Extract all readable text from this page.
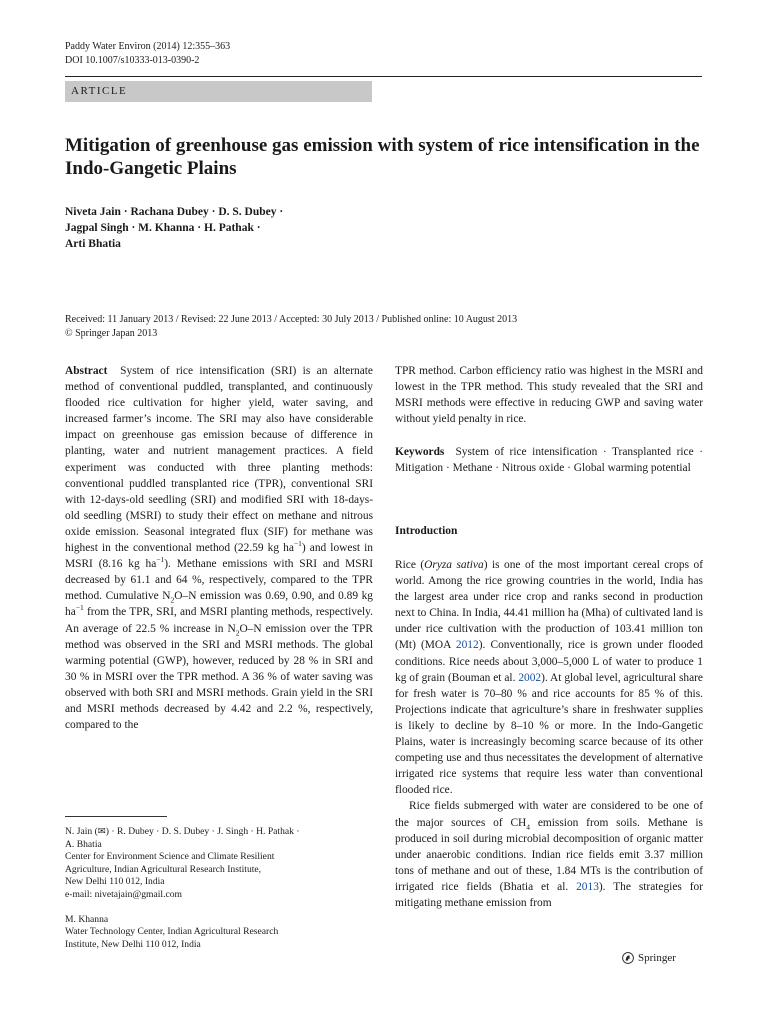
Paddy Water Environ (2014) 12:355–363
DOI 10.1007/s10333-013-0390-2
ARTICLE
Mitigation of greenhouse gas emission with system of rice intensification in the Indo-Gangetic Plains
Niveta Jain · Rachana Dubey · D. S. Dubey ·
Jagpal Singh · M. Khanna · H. Pathak ·
Arti Bhatia
Received: 11 January 2013 / Revised: 22 June 2013 / Accepted: 30 July 2013 / Published online: 10 August 2013
© Springer Japan 2013
Abstract System of rice intensification (SRI) is an alternate method of conventional puddled, transplanted, and continuously flooded rice cultivation for higher yield, water saving, and increased farmer’s income. The SRI may also have considerable impact on greenhouse gas emission because of difference in planting, water and nutrient management practices. A field experiment was conducted with three planting methods: conventional puddled transplanted rice (TPR), conventional SRI with 12-days-old seedling (SRI) and modified SRI with 18-days-old seedling (MSRI) to study their effect on methane and nitrous oxide emission. Seasonal integrated flux (SIF) for methane was highest in the conventional method (22.59 kg $ha^{-1}$) and lowest in MSRI (8.16 kg $ha^{-1}$). Methane emissions with SRI and MSRI decreased by 61.1 and 64 %, respectively, compared to the TPR method. Cumulative $N_2O-N$ emission was 0.69, 0.90, and 0.89 kg $ha^{-1}$ from the TPR, SRI, and MSRI planting methods, respectively. An average of 22.5 % increase in $N_2O-N$ emission over the TPR method was observed in the SRI and MSRI methods. The global warming potential (GWP), however, reduced by 28 % in SRI and 30 % in MSRI over the TPR method. A 36 % of water saving was observed with both SRI and MSRI methods. Grain yield in the SRI and MSRI methods decreased by 4.42 and 2.2 %, respectively, compared to the
N. Jain (✉) · R. Dubey · D. S. Dubey · J. Singh · H. Pathak ·
A. Bhatia
Center for Environment Science and Climate Resilient
Agriculture, Indian Agricultural Research Institute,
New Delhi 110 012, India
e-mail: nivetajain@gmail.com
M. Khanna
Water Technology Center, Indian Agricultural Research
Institute, New Delhi 110 012, India
TPR method. Carbon efficiency ratio was highest in the MSRI and lowest in the TPR method. This study revealed that the SRI and MSRI methods were effective in reducing GWP and saving water without yield penalty in rice.
Keywords System of rice intensification · Transplanted rice · Mitigation · Methane · Nitrous oxide · Global warming potential
Introduction
Rice (Oryza sativa) is one of the most important cereal crops of world. Among the rice growing countries in the world, India has the largest area under rice crop and ranks second in production next to China. In India, 44.41 million ha (Mha) of cultivated land is under rice cultivation with the production of 103.41 million ton (Mt) (MOA 2012). Conventionally, rice is grown under flooded conditions. Rice needs about 3,000–5,000 L of water to produce 1 kg of grain (Bouman et al. 2002). At global level, agricultural share for fresh water is 70–80 % and rice accounts for 85 % of this. Projections indicate that agriculture’s share in freshwater supplies is likely to decline by 8–10 % or more. In the Indo-Gangetic Plains, water is increasingly becoming scarce because of its other competing use and thus necessitates the development of alternative irrigated rice systems that require less water than conventional flooded rice.
Rice fields submerged with water are considered to be one of the major sources of $CH_4$ emission from soils. Methane is produced in soil during microbial decomposition of organic matter under anaerobic conditions. Indian rice fields emit 3.37 million tons of methane and out of these, 1.84 MTs is the contribution of irrigated rice fields (Bhatia et al. 2013). The strategies for mitigating methane emission from
Springer
